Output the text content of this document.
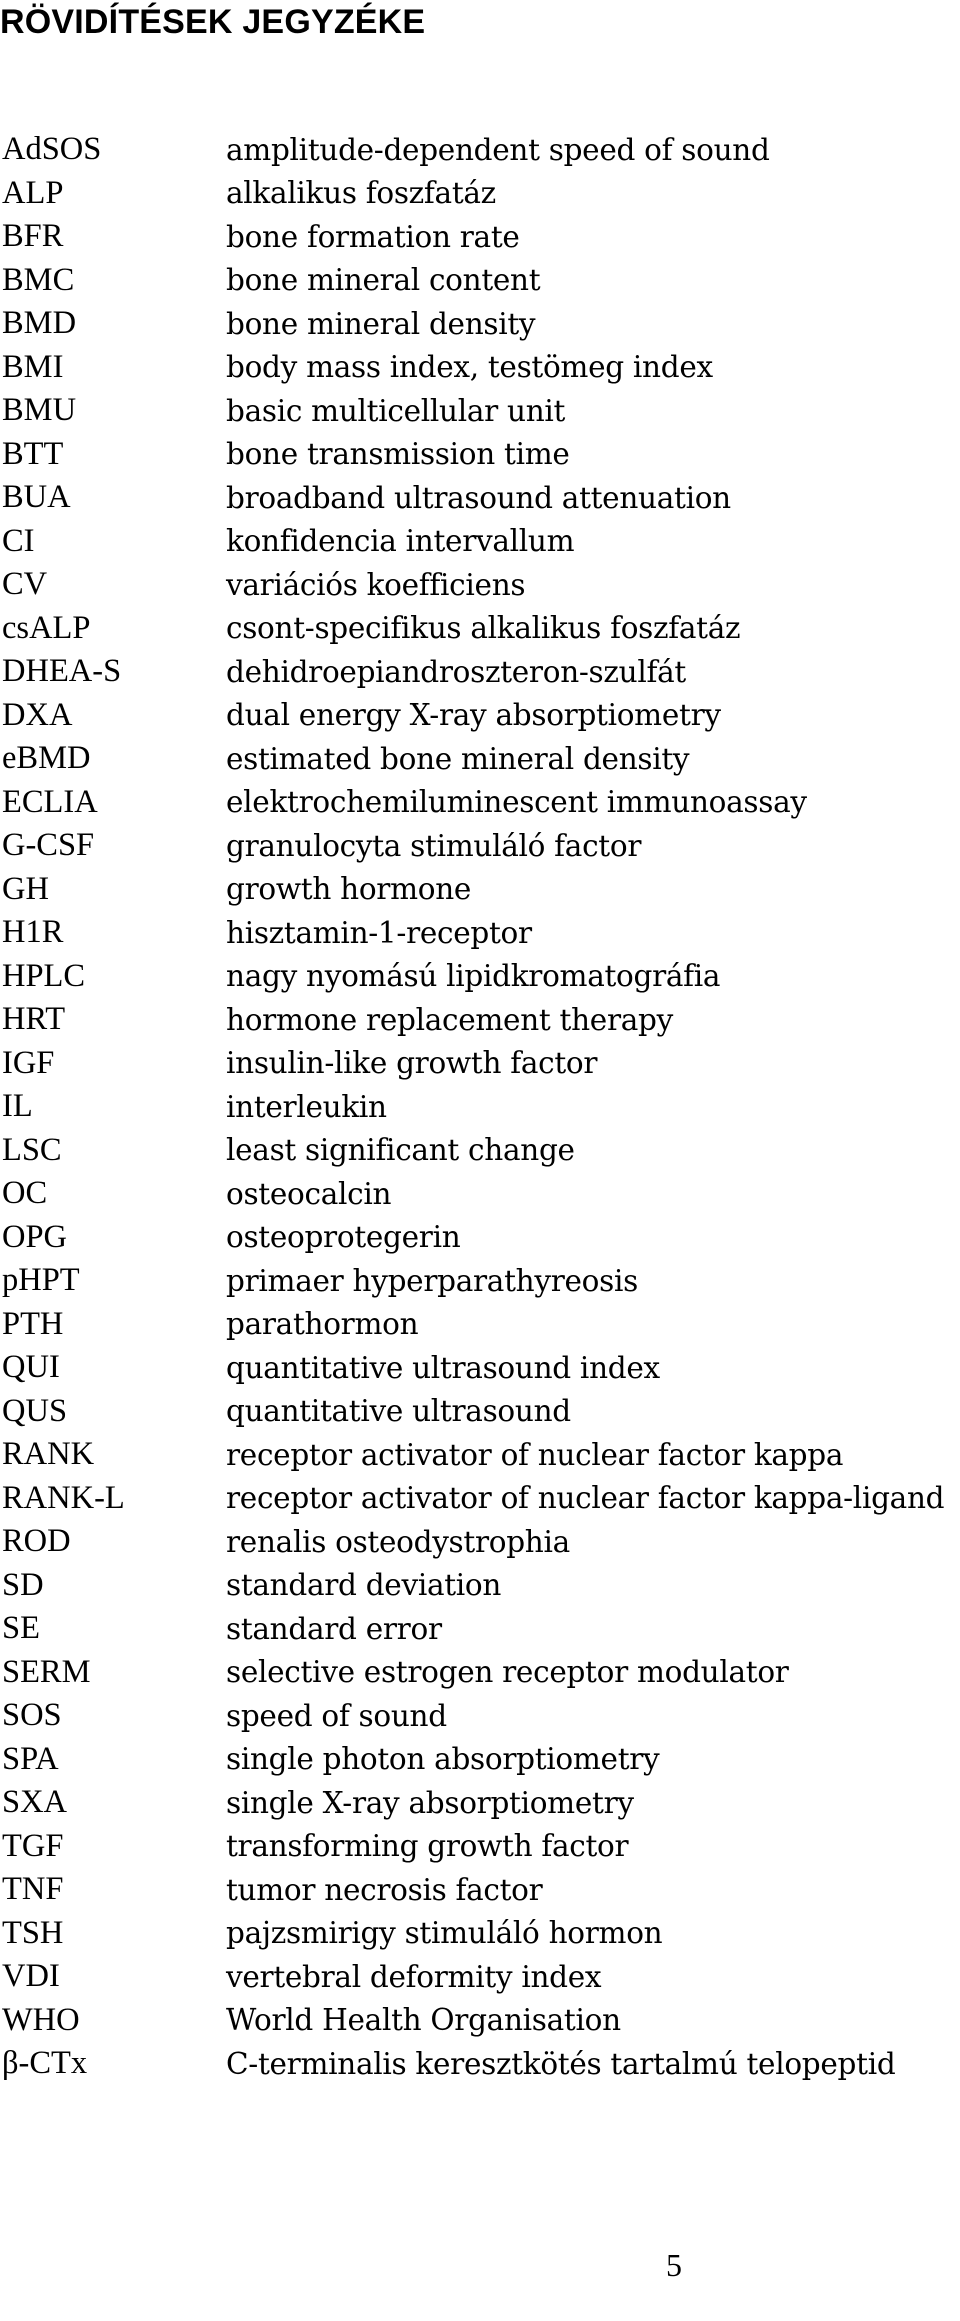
RÖVIDÍTÉSEK JEGYZÉKE
AdSOS	amplitude-dependent speed of sound
ALP	alkalikus foszfatáz
BFR	bone formation rate
BMC	bone mineral content
BMD	bone mineral density
BMI	body mass index, testömeg index
BMU	basic multicellular unit
BTT	bone transmission time
BUA	broadband ultrasound attenuation
CI	konfidencia intervallum
CV	variációs koefficiens
csALP	csont-specifikus alkalikus foszfatáz
DHEA-S	dehidroepiandroszteron-szulfát
DXA	dual energy X-ray absorptiometry
eBMD	estimated bone mineral density
ECLIA	elektrochemiluminescent immunoassay
G-CSF	granulocyta stimuláló factor
GH	growth hormone
H1R	hisztamin-1-receptor
HPLC	nagy nyomású lipidkromatográfia
HRT	hormone replacement therapy
IGF	insulin-like growth factor
IL	interleukin
LSC	least significant change
OC	osteocalcin
OPG	osteoprotegerin
pHPT	primaer hyperparathyreosis
PTH	parathormon
QUI	quantitative ultrasound index
QUS	quantitative ultrasound
RANK	receptor activator of nuclear factor kappa
RANK-L	receptor activator of nuclear factor kappa-ligand
ROD	renalis osteodystrophia
SD	standard deviation
SE	standard error
SERM	selective estrogen receptor modulator
SOS	speed of sound
SPA	single photon absorptiometry
SXA	single X-ray absorptiometry
TGF	transforming growth factor
TNF	tumor necrosis factor
TSH	pajzsmirigy stimuláló hormon
VDI	vertebral deformity index
WHO	World Health Organisation
β-CTx	C-terminalis keresztkötés tartalmú telopeptid
5
